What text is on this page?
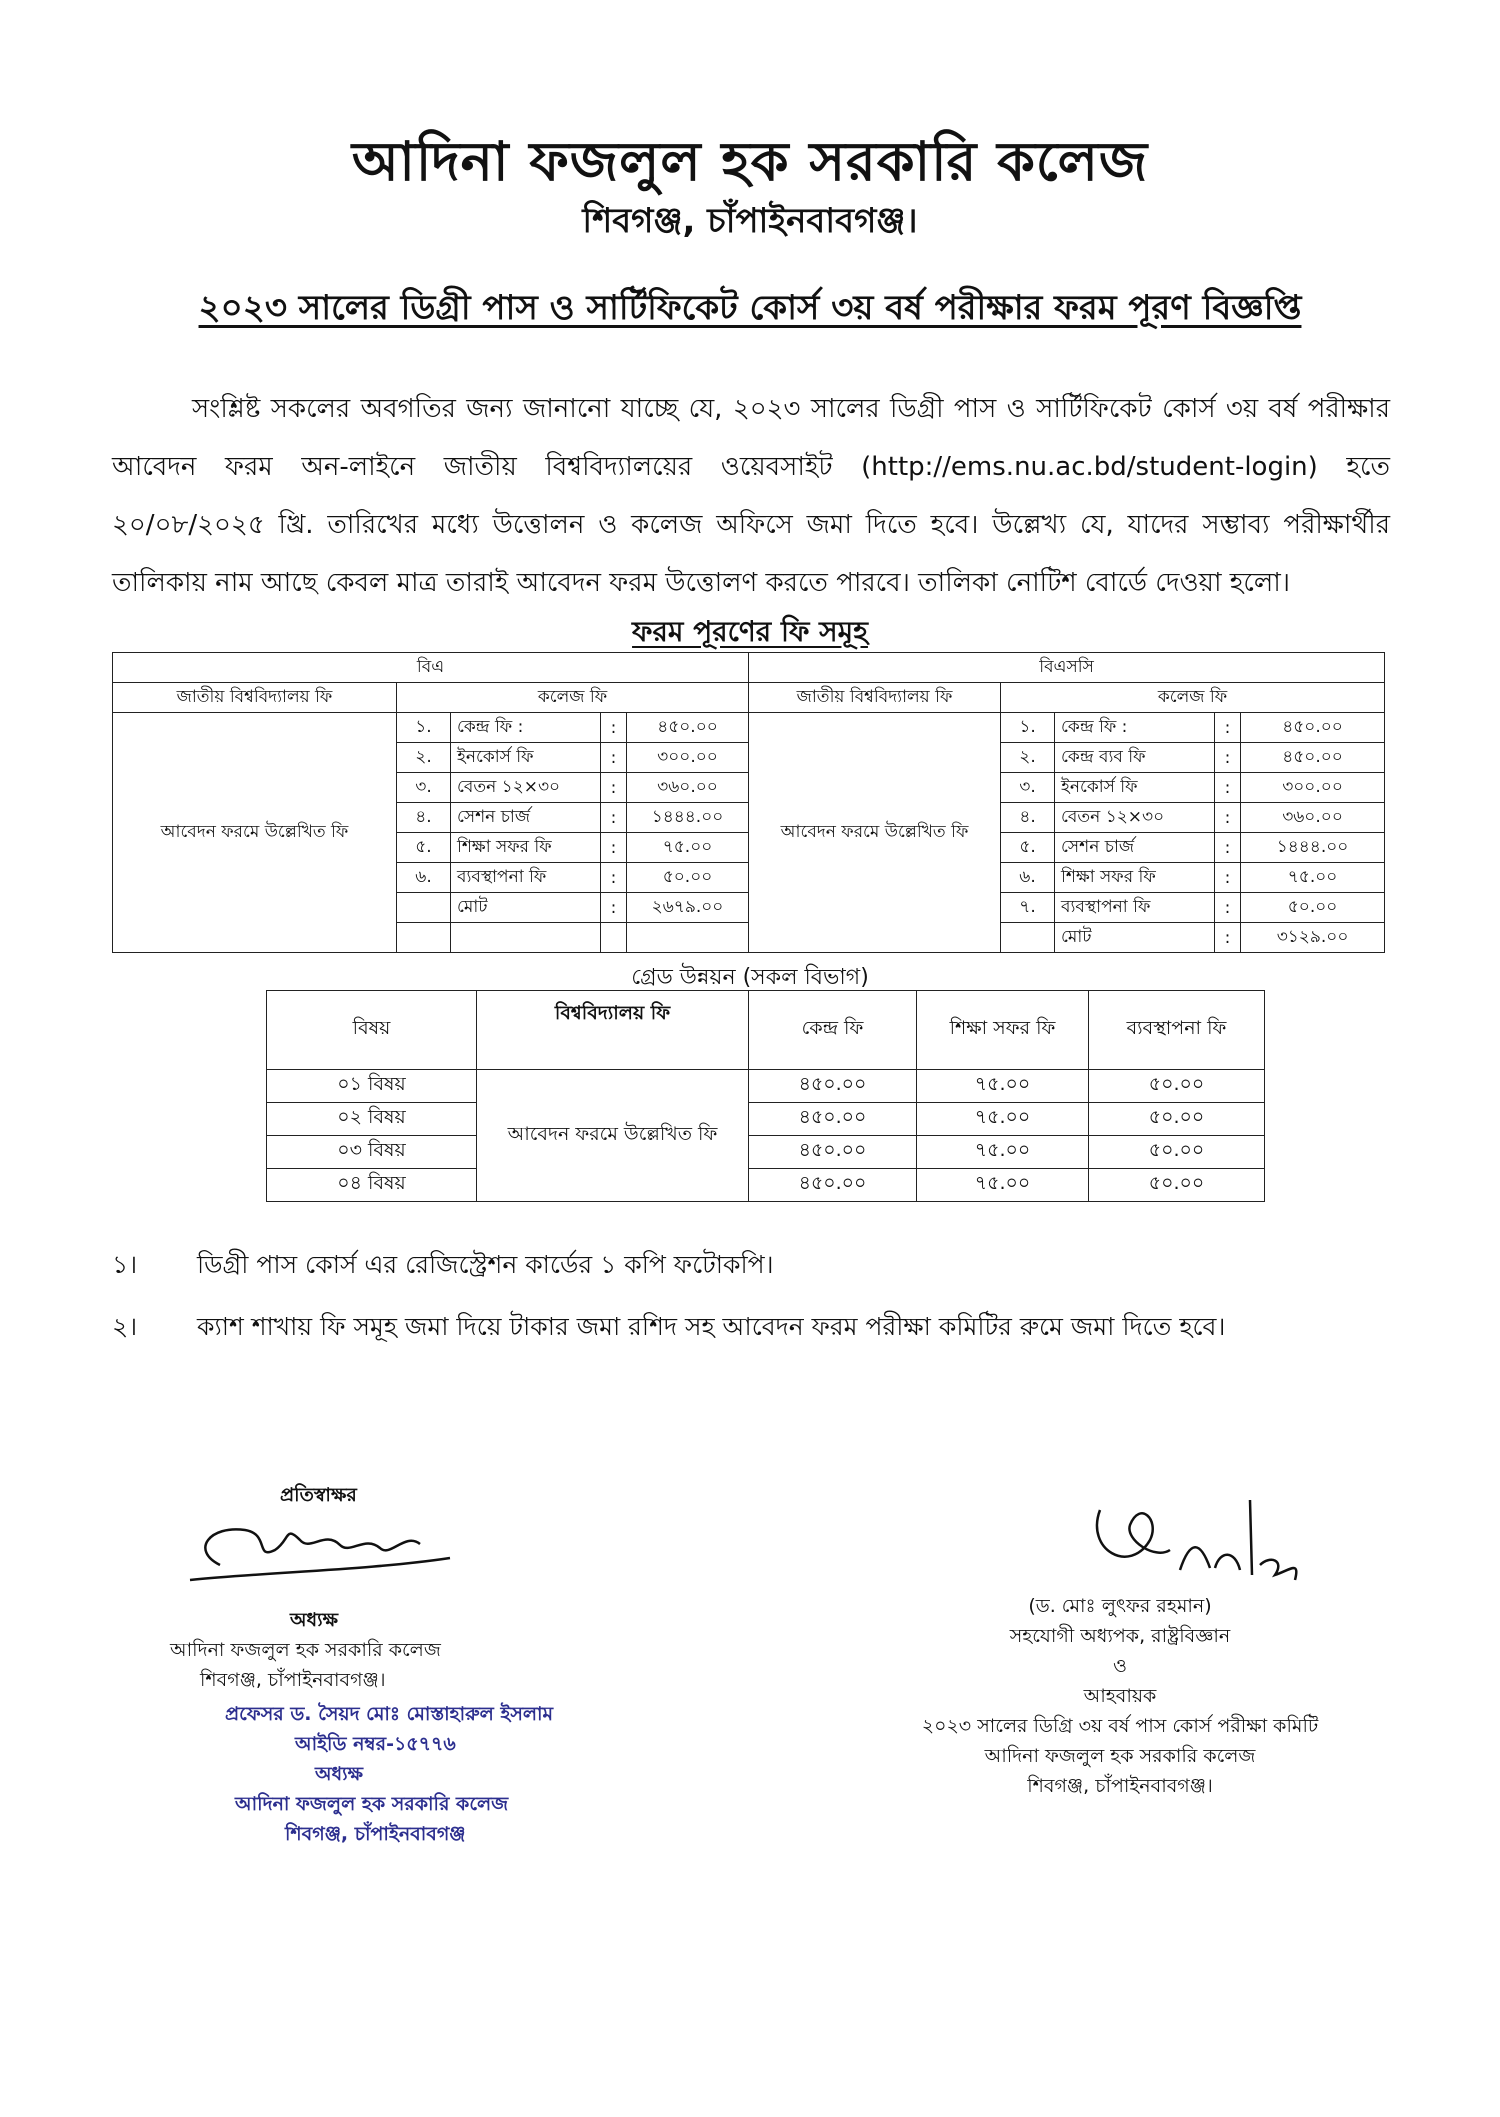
আদিনা ফজলুল হক সরকারি কলেজ
শিবগঞ্জ, চাঁপাইনবাবগঞ্জ।
২০২৩ সালের ডিগ্রী পাস ও সার্টিফিকেট কোর্স ৩য় বর্ষ পরীক্ষার ফরম পূরণ বিজ্ঞপ্তি

সংশ্লিষ্ট সকলের অবগতির জন্য জানানো যাচ্ছে যে, ২০২৩ সালের ডিগ্রী পাস ও সার্টিফিকেট কোর্স ৩য় বর্ষ পরীক্ষার আবেদন ফরম অন-লাইনে জাতীয় বিশ্ববিদ্যালয়ের ওয়েবসাইট (http://ems.nu.ac.bd/student-login) হতে ২০/০৮/২০২৫ খ্রি. তারিখের মধ্যে উত্তোলন ও কলেজ অফিসে জমা দিতে হবে। উল্লেখ্য যে, যাদের সম্ভাব্য পরীক্ষার্থীর তালিকায় নাম আছে কেবল মাত্র তারাই আবেদন ফরম উত্তোলণ করতে পারবে। তালিকা নোটিশ বোর্ডে দেওয়া হলো।

ফরম পূরণের ফি সমূহ
বিএ					বিএসসি				
জাতীয় বিশ্ববিদ্যালয় ফি	কলেজ ফি				জাতীয় বিশ্ববিদ্যালয় ফি	কলেজ ফি			
আবেদন ফরমে উল্লেখিত ফি	১.	কেন্দ্র ফি :	:	৪৫০.০০	আবেদন ফরমে উল্লেখিত ফি	১.	কেন্দ্র ফি :	:	৪৫০.০০
	২.	ইনকোর্স ফি	:	৩০০.০০		২.	কেন্দ্র ব্যব ফি	:	৪৫০.০০
	৩.	বেতন ১২×৩০	:	৩৬০.০০		৩.	ইনকোর্স ফি	:	৩০০.০০
	৪.	সেশন চার্জ	:	১৪৪৪.০০		৪.	বেতন ১২×৩০	:	৩৬০.০০
	৫.	শিক্ষা সফর ফি	:	৭৫.০০		৫.	সেশন চার্জ	:	১৪৪৪.০০
	৬.	ব্যবস্থাপনা ফি	:	৫০.০০		৬.	শিক্ষা সফর ফি	:	৭৫.০০
		মোট	:	২৬৭৯.০০		৭.	ব্যবস্থাপনা ফি	:	৫০.০০
							মোট	:	৩১২৯.০০
গ্রেড উন্নয়ন (সকল বিভাগ)
বিষয়	বিশ্ববিদ্যালয় ফি	কেন্দ্র ফি	শিক্ষা সফর ফি	ব্যবস্থাপনা ফি
০১ বিষয়	আবেদন ফরমে উল্লেখিত ফি	৪৫০.০০	৭৫.০০	৫০.০০
০২ বিষয়		৪৫০.০০	৭৫.০০	৫০.০০
০৩ বিষয়		৪৫০.০০	৭৫.০০	৫০.০০
০৪ বিষয়		৪৫০.০০	৭৫.০০	৫০.০০
১। ডিগ্রী পাস কোর্স এর রেজিস্ট্রেশন কার্ডের ১ কপি ফটোকপি।
২। ক্যাশ শাখায় ফি সমূহ জমা দিয়ে টাকার জমা রশিদ সহ আবেদন ফরম পরীক্ষা কমিটির রুমে জমা দিতে হবে।
প্রতিস্বাক্ষর
অধ্যক্ষ
আদিনা ফজলুল হক সরকারি কলেজ
শিবগঞ্জ, চাঁপাইনবাবগঞ্জ।
প্রফেসর ড. সৈয়দ মোঃ মোস্তাহারুল ইসলাম
আইডি নম্বর-১৫৭৭৬
অধ্যক্ষ
আদিনা ফজলুল হক সরকারি কলেজ
শিবগঞ্জ, চাঁপাইনবাবগঞ্জ
(ড. মোঃ লুৎফর রহমান)
সহযোগী অধ্যপক, রাষ্ট্রবিজ্ঞান
ও
আহবায়ক
২০২৩ সালের ডিগ্রি ৩য় বর্ষ পাস কোর্স পরীক্ষা কমিটি
আদিনা ফজলুল হক সরকারি কলেজ
শিবগঞ্জ, চাঁপাইনবাবগঞ্জ।
